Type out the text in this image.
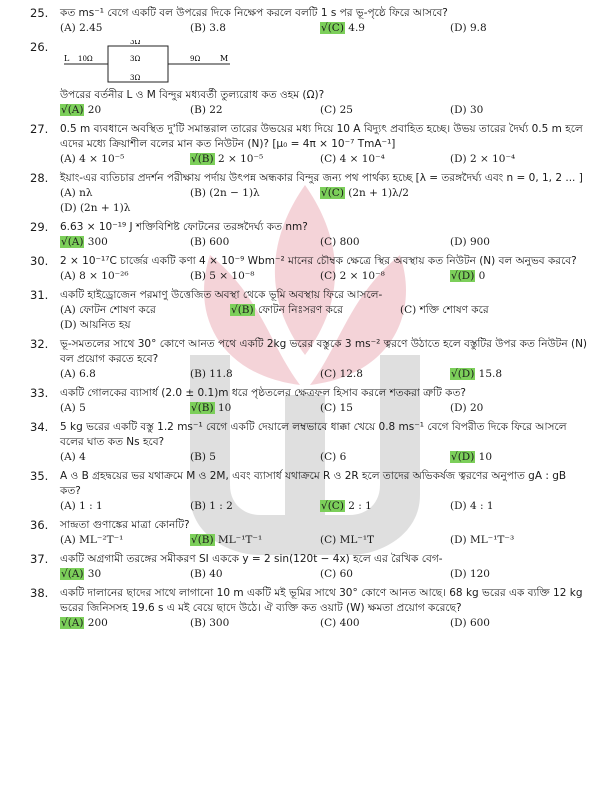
25.	কত ms⁻¹ বেগে একটি বল উপরের দিকে নিক্ষেপ করলে বলটি 1 s পর ভূ-পৃষ্ঠে ফিরে আসবে?
(A) 2.45	(B) 3.8	√(C) 4.9	(D) 9.8
26.
L 10Ω
3Ω
3Ω
3Ω
9Ω M
উপরের বর্তনীর L ও M বিন্দুর মধ্যবর্তী তুল্যরোধ কত ওহম (Ω)?
√(A) 20	(B) 22	(C) 25	(D) 30
27.	0.5 m ব্যবধানে অবস্থিত দু'টি সমান্তরাল তারের উভয়ের মধ্য দিয়ে 10 A বিদ্যুৎ প্রবাহিত হচ্ছে। উভয় তারের দৈর্ঘ্য 0.5 m হলে এদের মধ্যে ক্রিয়াশীল বলের মান কত নিউটন (N)? [μ₀ = 4π × 10⁻⁷ TmA⁻¹]
(A) 4 × 10⁻⁵	√(B) 2 × 10⁻⁵	(C) 4 × 10⁻⁴	(D) 2 × 10⁻⁴
28.	ইয়াং-এর ব্যতিচার প্রদর্শন পরীক্ষায় পর্দায় উৎপন্ন অন্ধকার বিন্দুর জন্য পথ পার্থক্য হচ্ছে [λ = তরঙ্গদৈর্ঘ্য এবং n = 0, 1, 2 ... ]
(A) nλ	(B) (2n − 1)λ	√(C) (2n + 1)λ/2
(D) (2n + 1)λ
29.	6.63 × 10⁻¹⁹ J শক্তিবিশিষ্ট ফোটনের তরঙ্গদৈর্ঘ্য কত nm?
√(A) 300	(B) 600	(C) 800	(D) 900
30.	2 × 10⁻¹⁷C চার্জের একটি কণা 4 × 10⁻⁹ Wbm⁻² মানের চৌম্বক ক্ষেত্রে স্থির অবস্থায় কত নিউটন (N) বল অনুভব করবে?
(A) 8 × 10⁻²⁶	(B) 5 × 10⁻⁸	(C) 2 × 10⁻⁸	√(D) 0
31.	একটি হাইড্রোজেন পরমাণু উত্তেজিত অবস্থা থেকে ভূমি অবস্থায় ফিরে আসলে-
(A) ফোটন শোষণ করে	√(B) ফোটন নিঃসরণ করে	(C) শক্তি শোষণ করে
(D) আয়নিত হয়
32.	ভূ-সমতলের সাথে 30° কোণে আনত পথে একটি 2kg ভরের বস্তুকে 3 ms⁻² ত্বরণে উঠাতে হলে বস্তুটির উপর কত নিউটন (N) বল প্রয়োগ করতে হবে?
(A) 6.8	(B) 11.8	(C) 12.8	√(D) 15.8
33.	একটি গোলকের ব্যাসার্ধ (2.0 ± 0.1)m ধরে পৃষ্ঠতলের ক্ষেত্রফল হিসাব করলে শতকরা ত্রুটি কত?
(A) 5	√(B) 10	(C) 15	(D) 20
34.	5 kg ভরের একটি বস্তু 1.2 ms⁻¹ বেগে একটি দেয়ালে লম্বভাবে ধাক্কা খেয়ে 0.8 ms⁻¹ বেগে বিপরীত দিকে ফিরে আসলে বলের ঘাত কত Ns হবে?
(A) 4	(B) 5	(C) 6	√(D) 10
35.	A ও B গ্রহদ্বয়ের ভর যথাক্রমে M ও 2M, এবং ব্যাসার্ধ যথাক্রমে R ও 2R হলে তাদের অভিকর্ষজ ত্বরণের অনুপাত gA : gB কত?
(A) 1 : 1	(B) 1 : 2	√(C) 2 : 1	(D) 4 : 1
36.	সান্দ্রতা গুণাঙ্কের মাত্রা কোনটি?
(A) ML⁻²T⁻¹	√(B) ML⁻¹T⁻¹	(C) ML⁻¹T	(D) ML⁻¹T⁻³
37.	একটি অগ্রগামী তরঙ্গের সমীকরণ SI এককে y = 2 sin(120t − 4x) হলে এর রৈখিক বেগ-
√(A) 30	(B) 40	(C) 60	(D) 120
38.	একটি দালানের ছাদের সাথে লাগানো 10 m একটি মই ভূমির সাথে 30° কোণে আনত আছে। 68 kg ভরের এক ব্যক্তি 12 kg ভরের জিনিসসহ 19.6 s এ মই বেয়ে ছাদে উঠে। ঐ ব্যক্তি কত ওয়াট (W) ক্ষমতা প্রয়োগ করেছে?
√(A) 200	(B) 300	(C) 400	(D) 600
